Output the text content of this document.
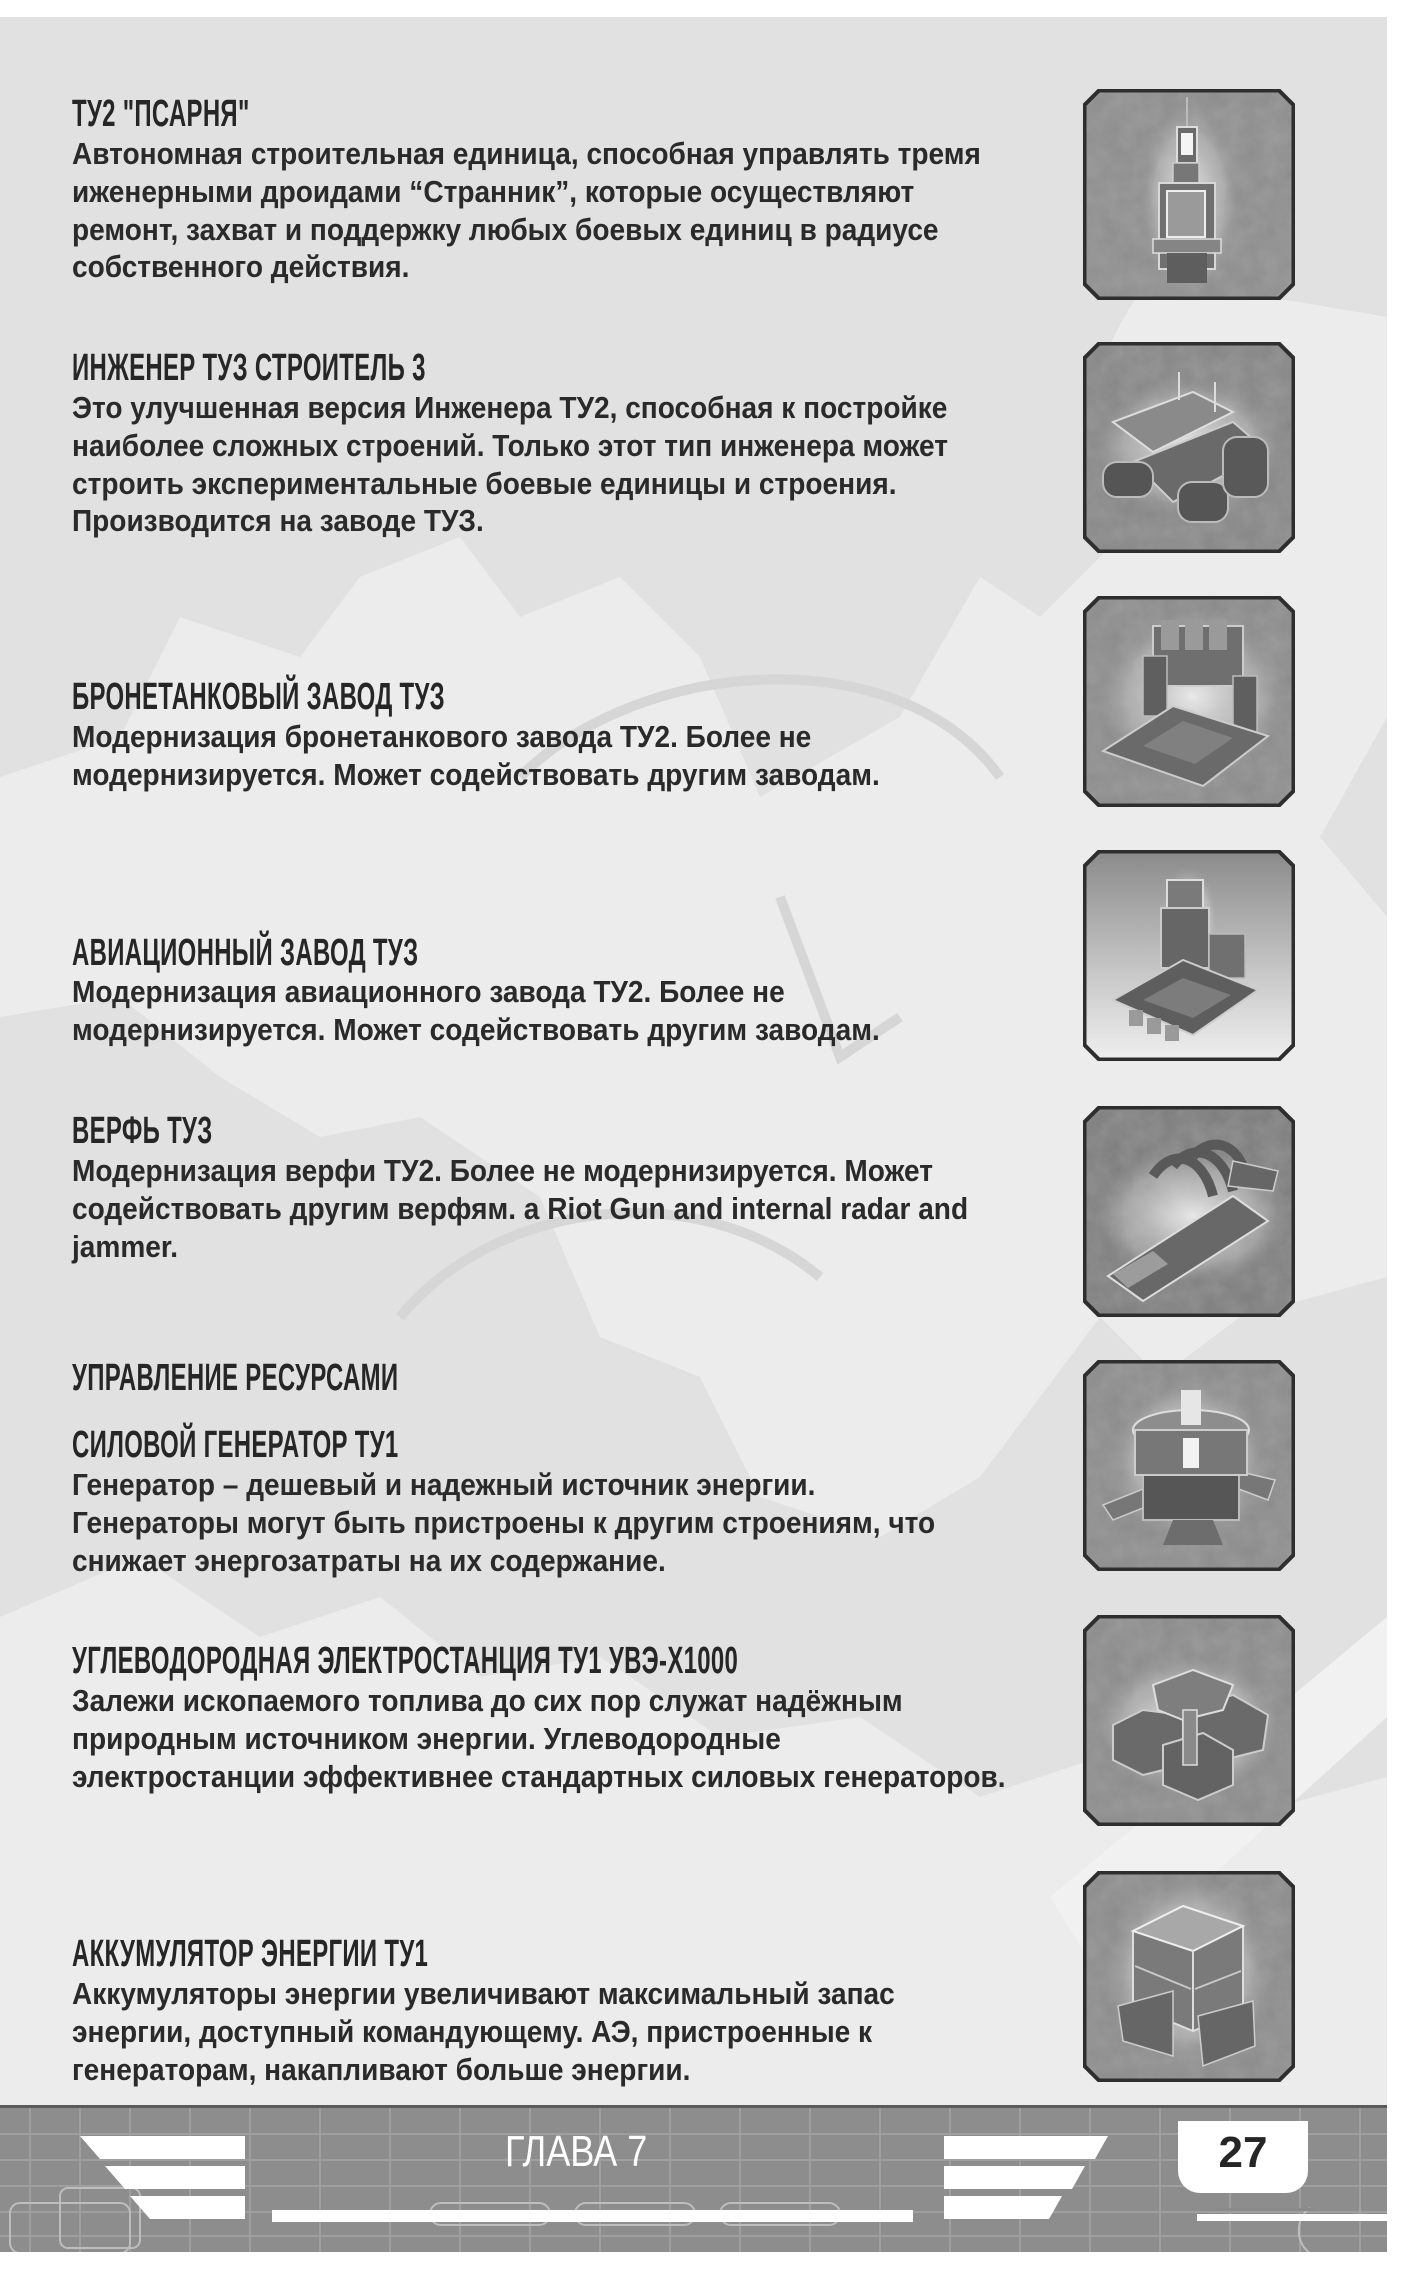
ТУ2 "ПСАРНЯ"
Автономная строительная единица, способная управлять тремя
иженерными дроидами “Странник”, которые осуществляют
ремонт, захват и поддержку любых боевых единиц в радиусе
собственного действия.
ИНЖЕНЕР ТУЗ СТРОИТЕЛЬ 3
Это улучшенная версия Инженера ТУ2, способная к постройке
наиболее сложных строений. Только этот тип инженера может
строить экспериментальные боевые единицы и строения.
Производится на заводе ТУЗ.
БРОНЕТАНКОВЫЙ ЗАВОД ТУЗ
Модернизация бронетанкового завода ТУ2. Более не
модернизируется. Может содействовать другим заводам.
АВИАЦИОННЫЙ ЗАВОД ТУЗ
Модернизация авиационного завода ТУ2. Более не
модернизируется. Может содействовать другим заводам.
ВЕРФЬ ТУЗ
Модернизация верфи ТУ2. Более не модернизируется. Может
содействовать другим верфям. a Riot Gun and internal radar and
jammer.
УПРАВЛЕНИЕ РЕСУРСАМИ
СИЛОВОЙ ГЕНЕРАТОР ТУ1
Генератор – дешевый и надежный источник энергии.
Генераторы могут быть пристроены к другим строениям, что
снижает энергозатраты на их содержание.
УГЛЕВОДОРОДНАЯ ЭЛЕКТРОСТАНЦИЯ ТУ1 УВЭ-X1000
Залежи ископаемого топлива до сих пор служат надёжным
природным источником энергии. Углеводородные
электростанции эффективнее стандартных силовых генераторов.
АККУМУЛЯТОР ЭНЕРГИИ ТУ1
Аккумуляторы энергии увеличивают максимальный запас
энергии, доступный командующему. АЭ, пристроенные к
генераторам, накапливают больше энергии.
ГЛАВА 7	27
